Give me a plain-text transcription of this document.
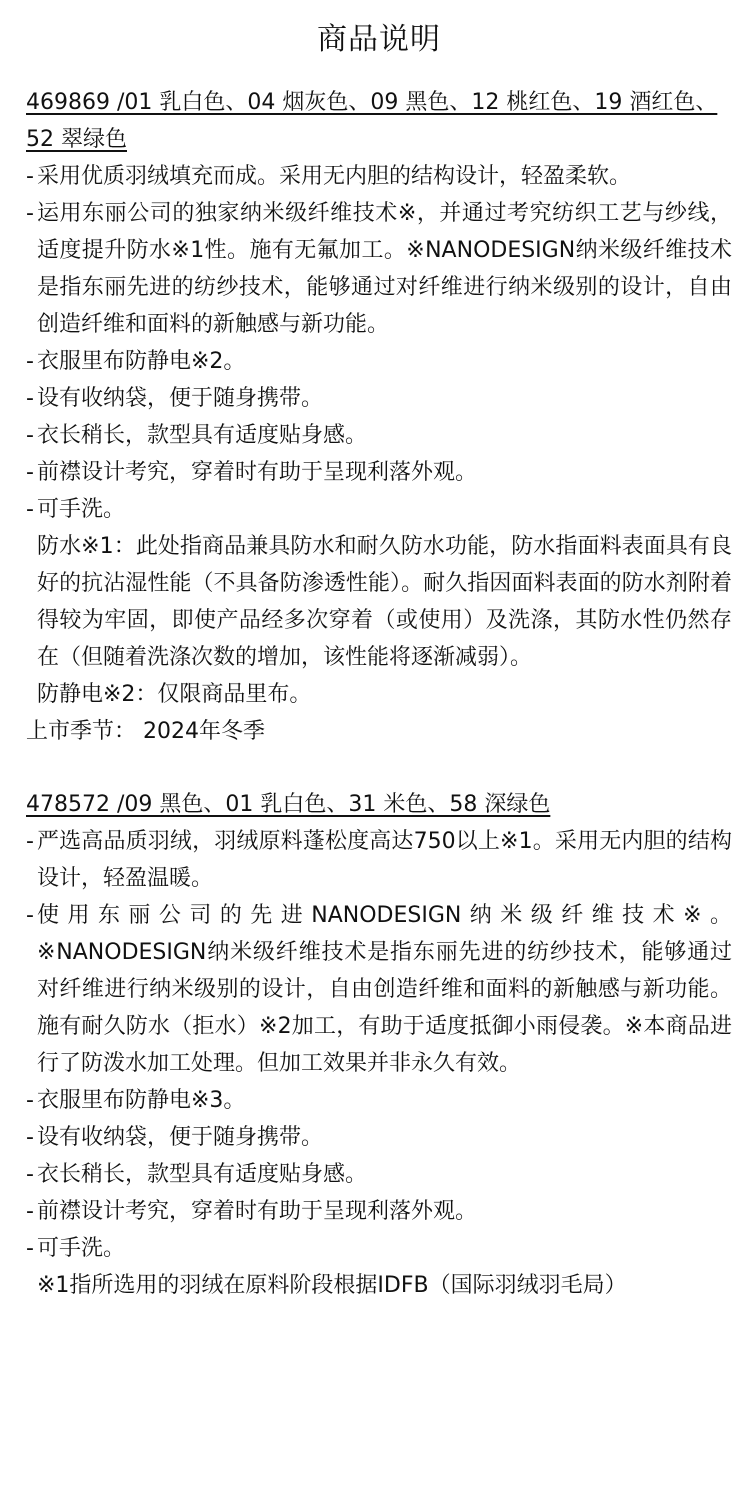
商品说明

469869 /01 乳白色、04 烟灰色、09 黑色、12 桃红色、19 酒红色、52 翠绿色

- 采用优质羽绒填充而成。采用无内胆的结构设计，轻盈柔软。

- 运用东丽公司的独家纳米级纤维技术※，并通过考究纺织工艺与纱线，适度提升防水※1性。施有无氟加工。※NANODESIGN纳米级纤维技术是指东丽先进的纺纱技术，能够通过对纤维进行纳米级别的设计，自由创造纤维和面料的新触感与新功能。

- 衣服里布防静电※2。

- 设有收纳袋，便于随身携带。

- 衣长稍长，款型具有适度贴身感。

- 前襟设计考究，穿着时有助于呈现利落外观。

- 可手洗。

防水※1：此处指商品兼具防水和耐久防水功能，防水指面料表面具有良好的抗沾湿性能（不具备防渗透性能）。耐久指因面料表面的防水剂附着得较为牢固，即使产品经多次穿着（或使用）及洗涤，其防水性仍然存在（但随着洗涤次数的增加，该性能将逐渐减弱）。

防静电※2：仅限商品里布。

上市季节： 2024年冬季

478572 /09 黑色、01 乳白色、31 米色、58 深绿色

- 严选高品质羽绒，羽绒原料蓬松度高达750以上※1。采用无内胆的结构设计，轻盈温暖。

- 使用东丽公司的先进NANODESIGN纳米级纤维技术※。※NANODESIGN纳米级纤维技术是指东丽先进的纺纱技术，能够通过对纤维进行纳米级别的设计，自由创造纤维和面料的新触感与新功能。施有耐久防水（拒水）※2加工，有助于适度抵御小雨侵袭。※本商品进行了防泼水加工处理。但加工效果并非永久有效。

- 衣服里布防静电※3。

- 设有收纳袋，便于随身携带。

- 衣长稍长，款型具有适度贴身感。

- 前襟设计考究，穿着时有助于呈现利落外观。

- 可手洗。

※1指所选用的羽绒在原料阶段根据IDFB（国际羽绒羽毛局）
